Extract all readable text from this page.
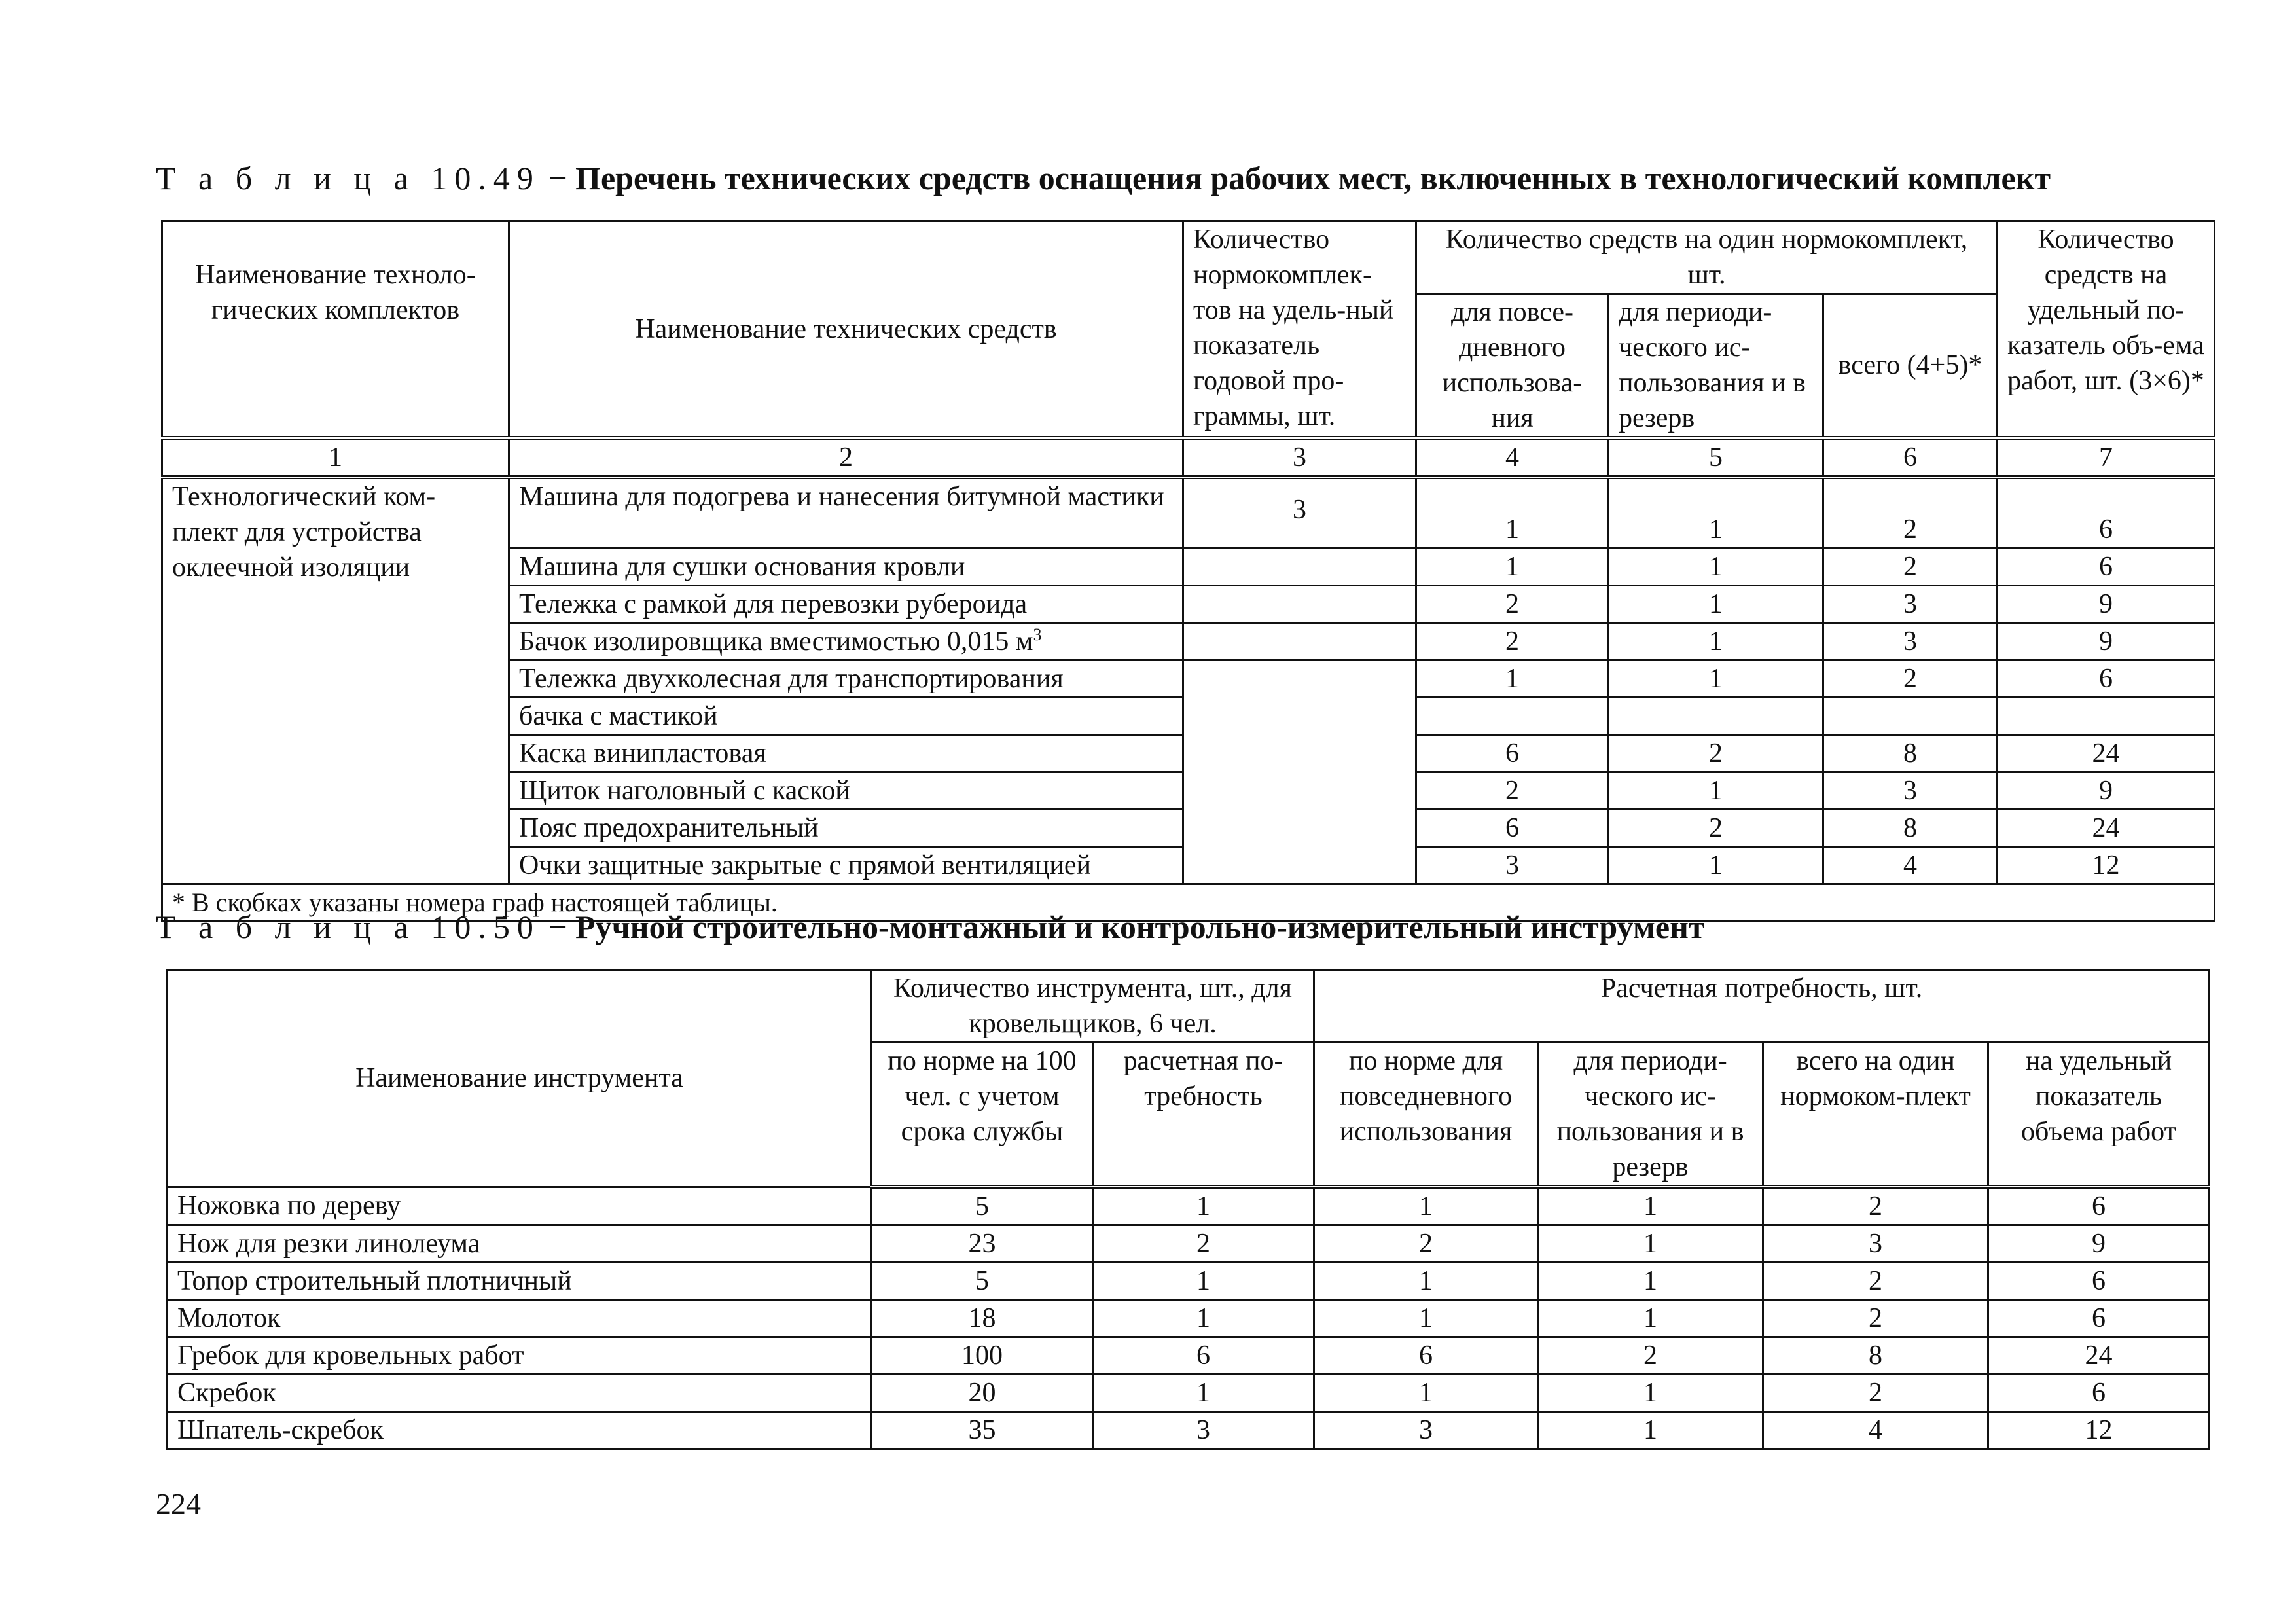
Т а б л и ц а 10.49 − Перечень технических средств оснащения рабочих мест, включенных в технологический комплект
Наименование техноло-гических комплектов	Наименование технических средств	Количество нормокомплек-тов на удель-ный показатель годовой про-граммы, шт.	Количество средств на один нормокомплект, шт.			Количество средств на удельный по-казатель объ-ема работ, шт. (3×6)*
			для повсе-дневного использова-ния	для периоди-ческого ис-пользования и в резерв	всего (4+5)*	
1	2	3	4	5	6	7
Технологический ком-плект для устройства оклеечной изоляции	Машина для подогрева и нанесения битумной мастики	3	1	1	2	6
	Машина для сушки основания кровли		1	1	2	6
	Тележка с рамкой для перевозки рубероида		2	1	3	9
	Бачок изолировщика вместимостью 0,015 $м^3$		2	1	3	9
	Тележка двухколесная для транспортирования		1	1	2	6
	бачка с мастикой					
	Каска винипластовая		6	2	8	24
	Щиток наголовный с каской		2	1	3	9
	Пояс предохранительный		6	2	8	24
	Очки защитные закрытые с прямой вентиляцией		3	1	4	12
* В скобках указаны номера граф настоящей таблицы.						
Т а б л и ц а 10.50 − Ручной строительно-монтажный и контрольно-измерительный инструмент
Наименование инструмента	Количество инструмента, шт., для кровельщиков, 6 чел.		Расчетная потребность, шт.			
	по норме на 100 чел. с учетом срока службы	расчетная по-требность	по норме для повседневного использования	для периоди-ческого ис-пользования и в резерв	всего на один нормоком-плект	на удельный показатель объема работ
Ножовка по дереву	5	1	1	1	2	6
Нож для резки линолеума	23	2	2	1	3	9
Топор строительный плотничный	5	1	1	1	2	6
Молоток	18	1	1	1	2	6
Гребок для кровельных работ	100	6	6	2	8	24
Скребок	20	1	1	1	2	6
Шпатель-скребок	35	3	3	1	4	12
224
